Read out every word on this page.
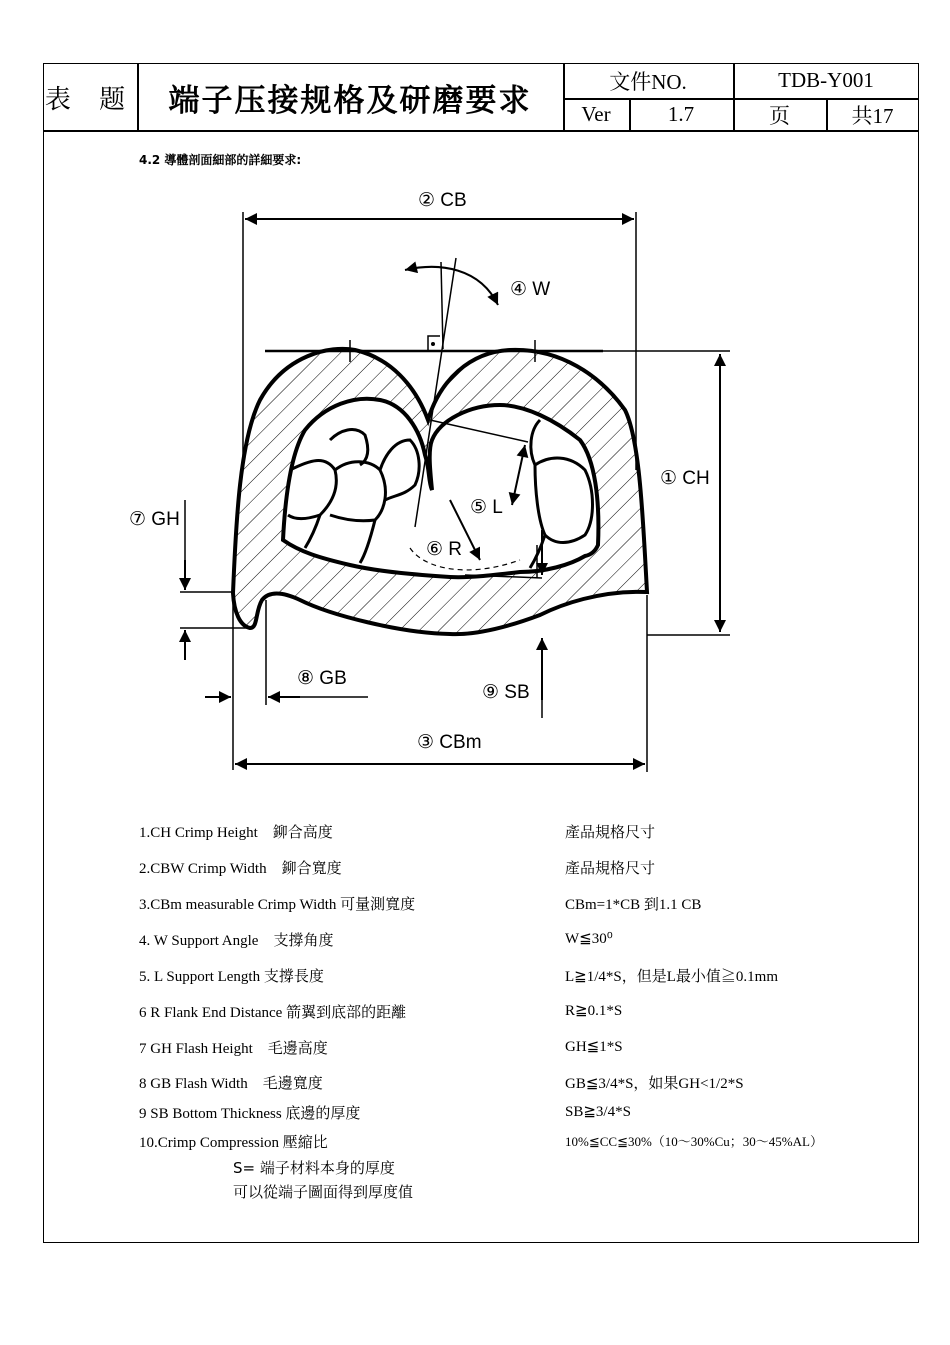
表 题 端子压接规格及研磨要求
文件NO.	TDB-Y001
Ver	1.7	页	共17
4.2 導體剖面細部的詳細要求:
② CB
④ W
① CH
⑤ L
⑦ GH
⑥ R
⑧ GB
⑨ SB
③ CBm
1.CH Crimp Height　鉚合高度	產品規格尺寸
2.CBW Crimp Width　鉚合寬度	產品規格尺寸
3.CBm measurable Crimp Width 可量測寬度	CBm=1*CB 到1.1 CB
4. W Support Angle　支撐角度	W≦30⁰
5. L Support Length 支撐長度	L≧1/4*S，但是L最小值≧0.1mm
6 R Flank End Distance 箭翼到底部的距離	R≧0.1*S
7 GH Flash Height　毛邊高度	GH≦1*S
8 GB Flash Width　毛邊寬度	GB≦3/4*S，如果GH<1/2*S
9 SB Bottom Thickness 底邊的厚度	SB≧3/4*S
10.Crimp Compression 壓縮比	10%≦CC≦30%（10～30%Cu；30～45%AL）
S= 端子材料本身的厚度
可以從端子圖面得到厚度值
